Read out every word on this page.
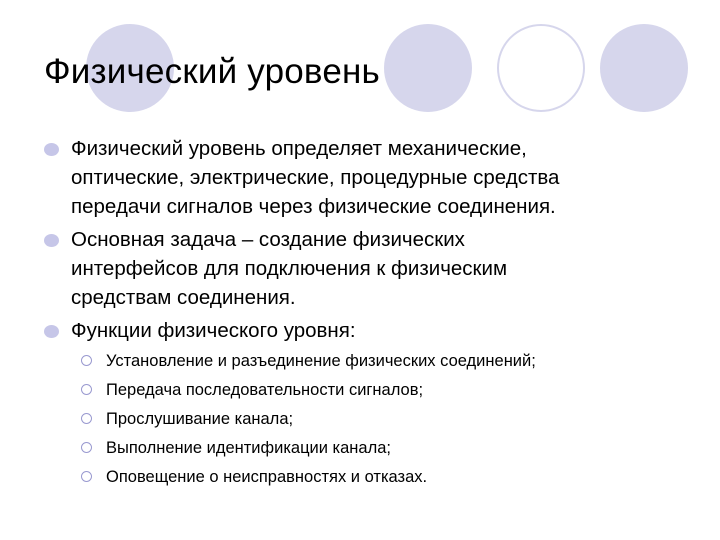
Физический уровень
Физический уровень определяет механические,
оптические, электрические, процедурные средства
передачи сигналов через физические соединения.
Основная задача – создание физических
интерфейсов для подключения к физическим
средствам соединения.
Функции физического уровня:
Установление и разъединение физических соединений;
Передача последовательности сигналов;
Прослушивание канала;
Выполнение идентификации канала;
Оповещение о неисправностях и отказах.
